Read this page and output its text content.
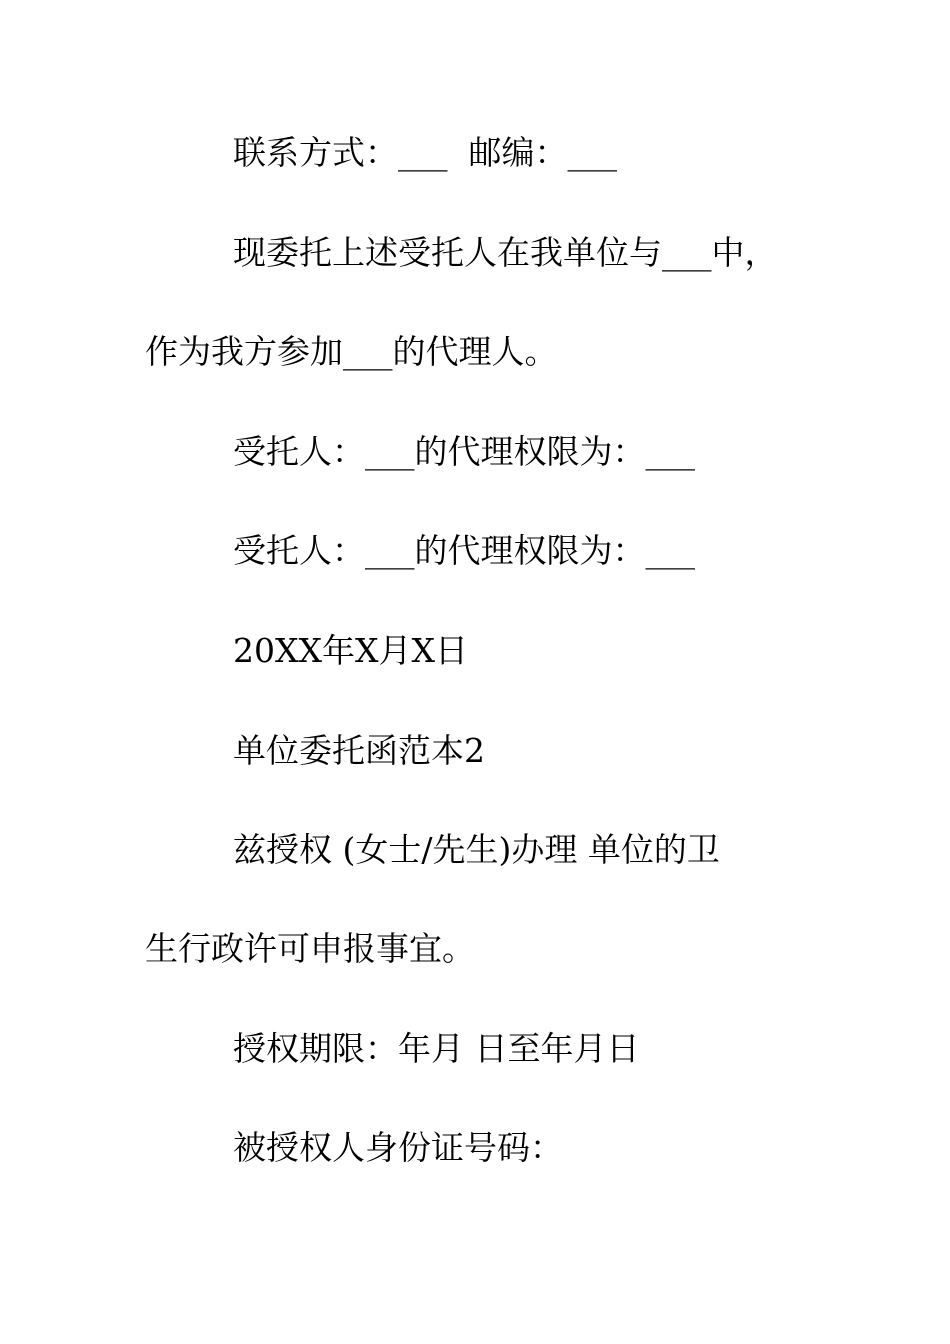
联系方式：___  邮编：___
现委托上述受托人在我单位与___中，
作为我方参加___的代理人。
受托人：___的代理权限为：___
受托人：___的代理权限为：___
20XX年X月X日
单位委托函范本2
兹授权 (女士/先生)办理 单位的卫
生行政许可申报事宜。
授权期限：年月 日至年月日
被授权人身份证号码：
